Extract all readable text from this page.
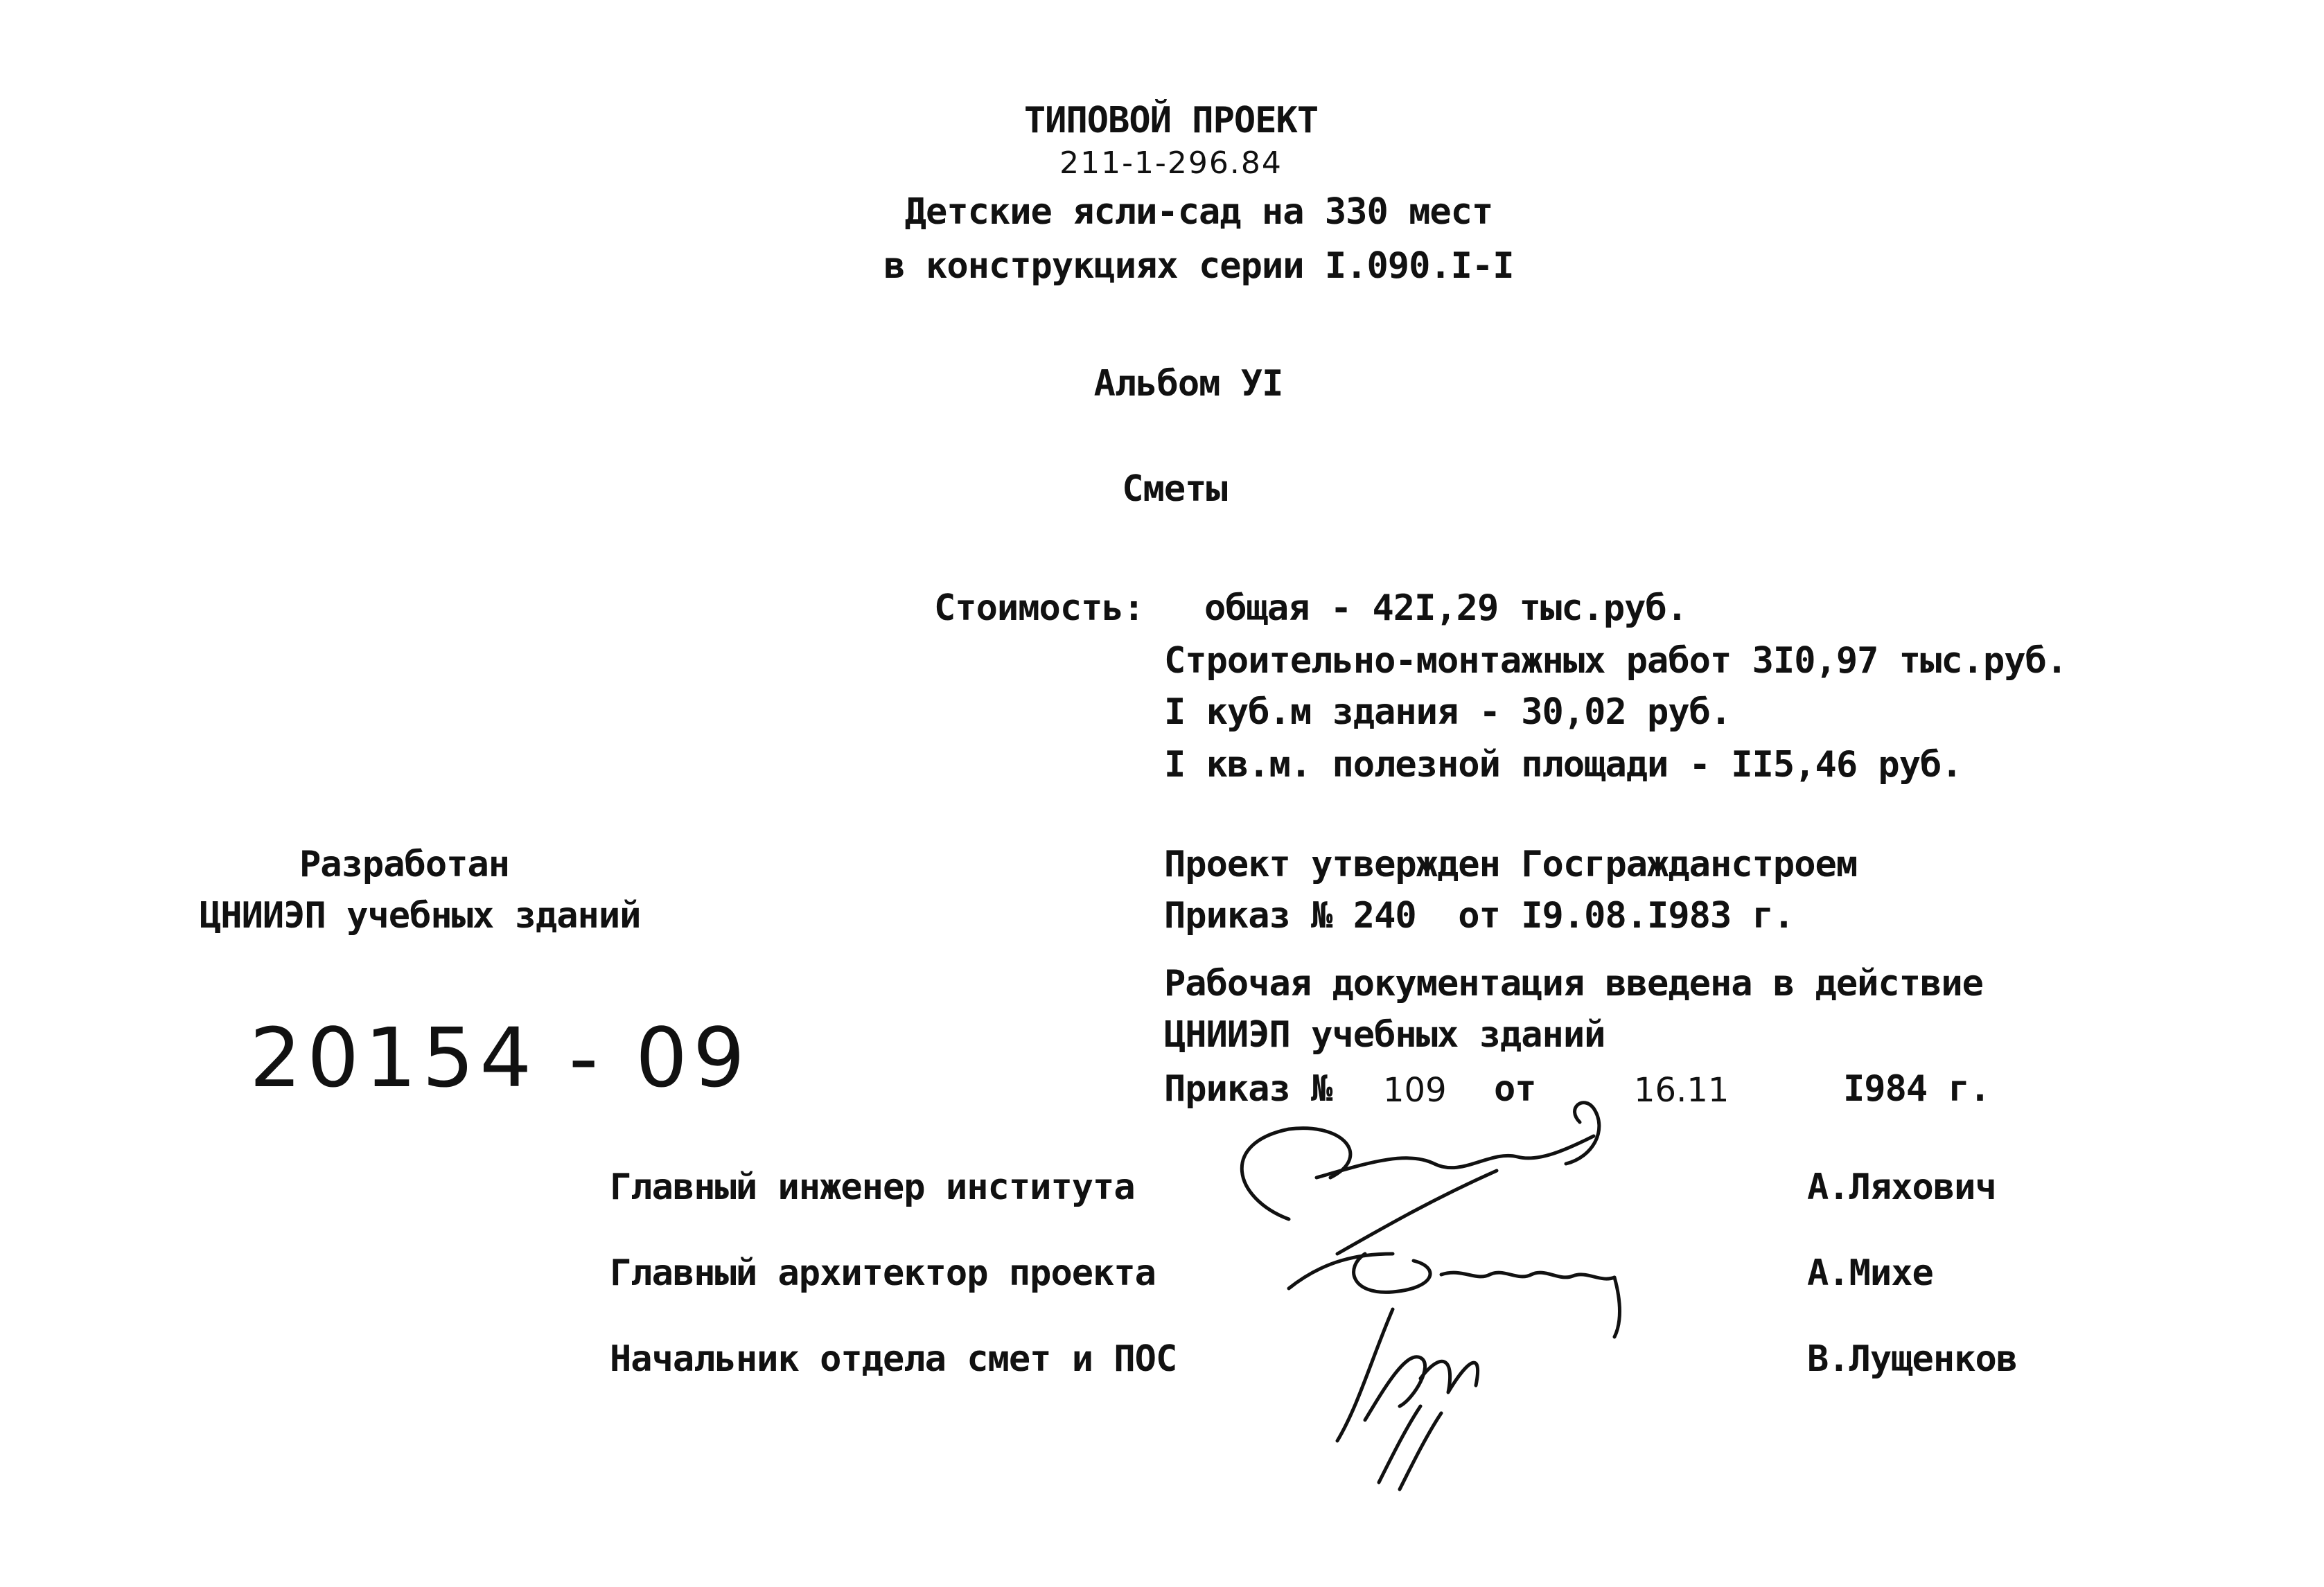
ТИПОВОЙ ПРОЕКТ
211-1-296.84
Детские ясли-сад на 330 мест
в конструкциях серии I.090.I-I
Альбом УI
Сметы
Стоимость: общая - 42I,29 тыс.руб.
Строительно-монтажных работ 3I0,97 тыс.руб.
I куб.м здания - 30,02 руб.
I кв.м. полезной площади - II5,46 руб.
Разработан
ЦНИИЭП учебных зданий
20154 - 09
Проект утвержден Госгражданстроем
Приказ № 240  от I9.08.I983 г.
Рабочая документация введена в действие
ЦНИИЭП учебных зданий
Приказ № 109 от	16.11	I984 г.
Главный инженер института	А.Ляхович
Главный архитектор проекта	А.Михе
Начальник отдела смет и ПОС	В.Лущенков
